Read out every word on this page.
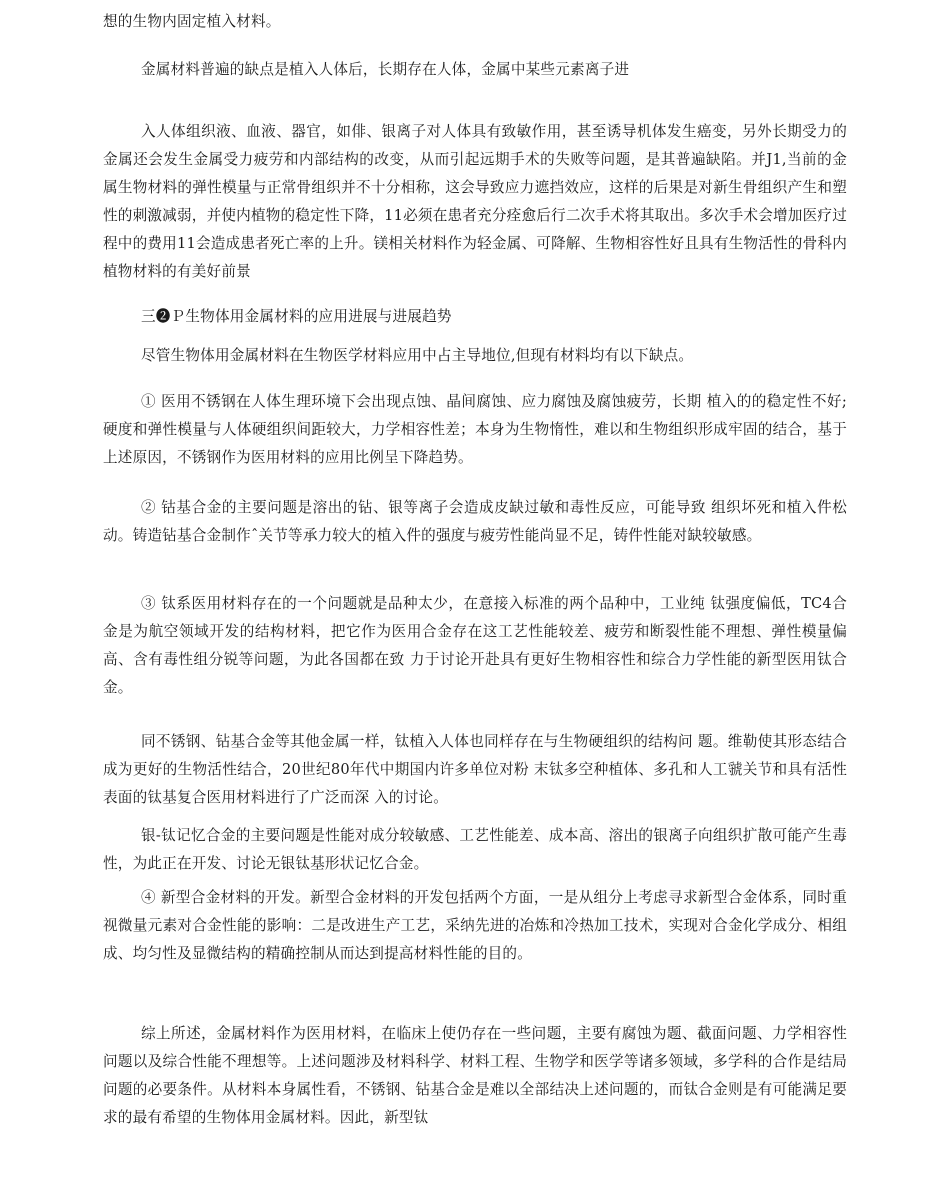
想的生物内固定植入材料。

金属材料普遍的缺点是植入人体后，长期存在人体，金属中某些元素离子进

入人体组织液、血液、器官，如俳、银离子对人体具有致敏作用，甚至诱导机体发生癌变，另外长期受力的金属还会发生金属受力疲劳和内部结构的改变，从而引起远期手术的失败等问题，是其普遍缺陷。并J1,当前的金属生物材料的弹性模量与正常骨组织并不十分相称，这会导致应力遮挡效应，这样的后果是对新生骨组织产生和塑性的刺激减弱，并使内植物的稳定性下降，11必须在患者充分痊愈后行二次手术将其取出。多次手术会增加医疗过程中的费用11会造成患者死亡率的上升。镁相关材料作为轻金属、可降解、生物相容性好且具有生物活性的骨科内植物材料的有美好前景

三❷Ｐ生物体用金属材料的应用进展与进展趋势

尽管生物体用金属材料在生物医学材料应用中占主导地位,但现有材料均有以下缺点。

① 医用不锈钢在人体生理环境下会出现点蚀、晶间腐蚀、应力腐蚀及腐蚀疲劳，长期 植入的的稳定性不好;硬度和弹性模量与人体硬组织间距较大，力学相容性差；本身为生物惰性，难以和生物组织形成牢固的结合，基于上述原因，不锈钢作为医用材料的应用比例呈下降趋势。

② 钴基合金的主要问题是溶出的钻、银等离子会造成皮缺过敏和毒性反应，可能导致 组织坏死和植入件松动。铸造钻基合金制作ˆ关节等承力较大的植入件的强度与疲劳性能尚显不足，铸件性能对缺较敏感。

③ 钛系医用材料存在的一个问题就是品种太少，在意接入标准的两个品种中，工业纯 钛强度偏低，TC4合金是为航空领域开发的结构材料，把它作为医用合金存在这工艺性能较差、疲劳和断裂性能不理想、弹性模量偏高、含有毒性组分锐等问题，为此各国都在致 力于讨论开赴具有更好生物相容性和综合力学性能的新型医用钛合金。

同不锈钢、钻基合金等其他金属一样，钛植入人体也同样存在与生物硬组织的结构问 题。维勒使其形态结合成为更好的生物活性结合，20世纪80年代中期国内许多单位对粉 末钛多空种植体、多孔和人工虢关节和具有活性表面的钛基复合医用材料进行了广泛而深 入的讨论。

银-钛记忆合金的主要问题是性能对成分较敏感、工艺性能差、成本高、溶出的银离子向组织扩散可能产生毒性，为此正在开发、讨论无银钛基形状记忆合金。

④ 新型合金材料的开发。新型合金材料的开发包括两个方面，一是从组分上考虑寻求新型合金体系，同时重视微量元素对合金性能的影响：二是改进生产工艺，采纳先进的冶炼和冷热加工技术，实现对合金化学成分、相组成、均匀性及显微结构的精确控制从而达到提高材料性能的目的。

综上所述，金属材料作为医用材料，在临床上使仍存在一些问题，主要有腐蚀为题、截面问题、力学相容性问题以及综合性能不理想等。上述问题涉及材料科学、材料工程、生物学和医学等诸多领域，多学科的合作是结局问题的必要条件。从材料本身属性看，不锈钢、钻基合金是难以全部结决上述问题的，而钛合金则是有可能满足要求的最有希望的生物体用金属材料。因此，新型钛
